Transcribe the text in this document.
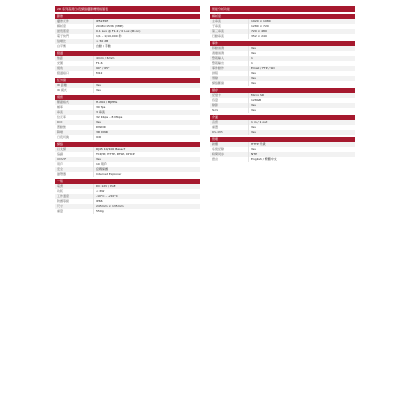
2D 系列高清日/夜網絡攝影機規格簡表
影像
攝像元件	IP5235E
解析度	2048×1536 (3MP)
最低照度	0.1 Lux @ F1.2 / 0 Lux (IR on)
電子快門	1/1 – 1/10,000 秒
信噪比	> 50 dB
白平衡	自動 / 手動
鏡頭
焦距	4mm / 6mm
光圈	F1.6
視角	90° / 65°
鏡頭接口	M12
紅外線
IR 距離	Yes
IR 模式	Yes
視訊
壓縮格式	H.264 / MJPEG
幀率	30 fps
串流	3 串流
位元率	32 Kbps – 8 Mbps
ROI	Yes
寬動態	DWDR
降噪	3D DNR
日夜切換	ICR
網絡
以太網	RJ45 10/100 Base-T
協議	TCP/IP, HTTP, RTSP, DHCP
ONVIF	Yes
用戶	10 用戶
安全	密碼保護
瀏覽器	Internet Explorer
一般
電源	DC 12V / PoE
功耗	< 6W
工作溫度	-10°C – +50°C
防護等級	IP66
尺寸	245mm × 135mm
重量	550g
智能分析功能
解析度
主串流	1920 × 1080
子串流	1280 × 720
第三串流	720 × 480
行動串流	352 × 240
事件
移動偵測	Yes
遮擋偵測	Yes
警報輸入	1
警報輸出	1
事件動作	Email / FTP / SD
排程	Yes
預錄	Yes
網絡斷線	Yes
儲存
記憶卡	Micro SD
容量	128GB
錄影	Yes
NAS	Yes
介面
音訊	1 in / 1 out
重置	Yes
RS-485	Yes
管理
韌體	HTTP 升級
系統記錄	Yes
時間同步	NTP
語言	English / 繁體中文
